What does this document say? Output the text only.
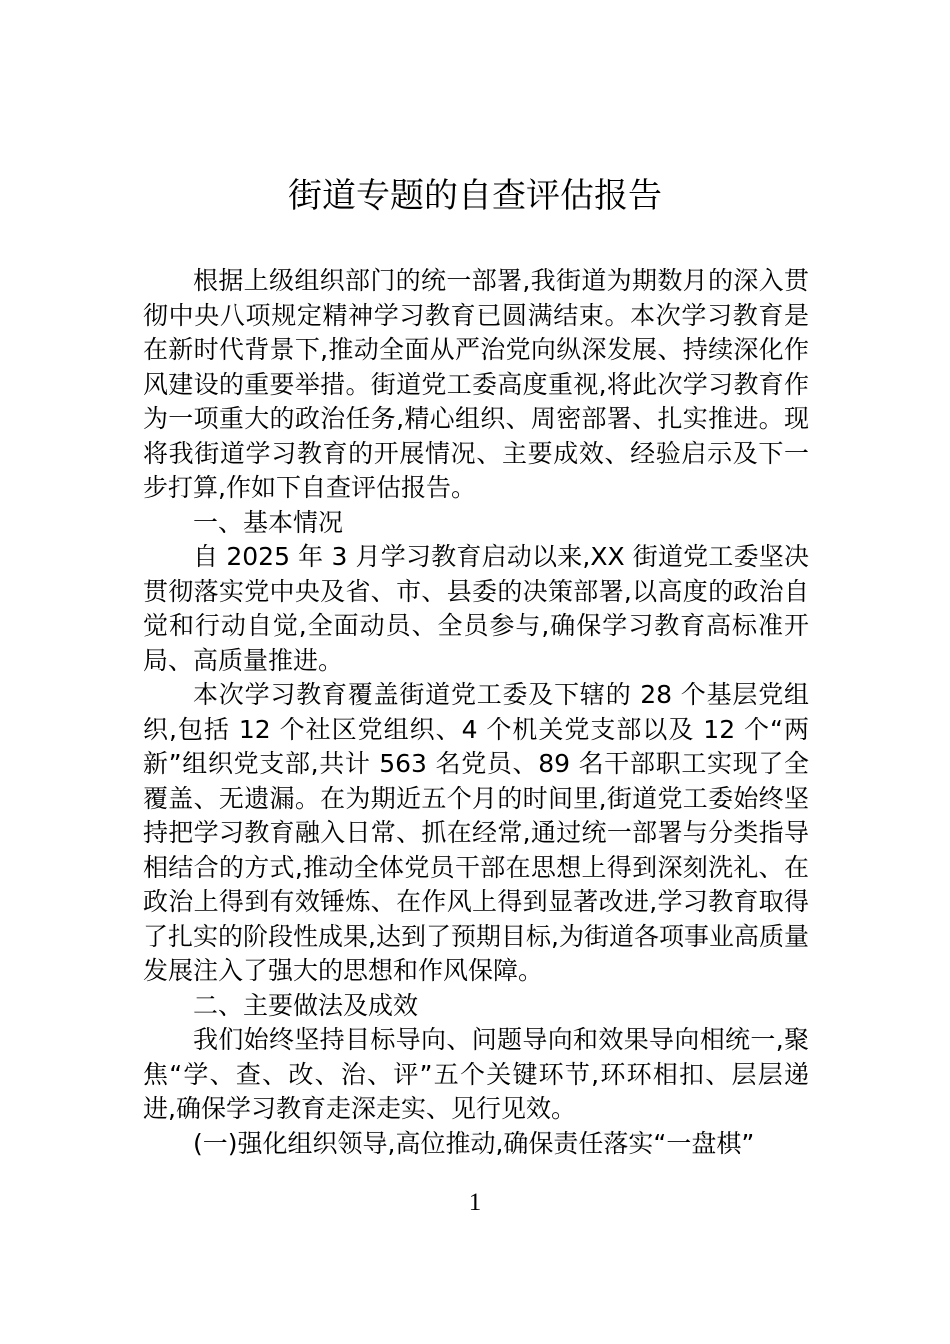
街道专题的自查评估报告

根据上级组织部门的统一部署,我街道为期数月的深入贯彻中央八项规定精神学习教育已圆满结束。本次学习教育是在新时代背景下,推动全面从严治党向纵深发展、持续深化作风建设的重要举措。街道党工委高度重视,将此次学习教育作为一项重大的政治任务,精心组织、周密部署、扎实推进。现将我街道学习教育的开展情况、主要成效、经验启示及下一步打算,作如下自查评估报告。

一、基本情况

自 2025 年 3 月学习教育启动以来,XX 街道党工委坚决贯彻落实党中央及省、市、县委的决策部署,以高度的政治自觉和行动自觉,全面动员、全员参与,确保学习教育高标准开局、高质量推进。

本次学习教育覆盖街道党工委及下辖的 28 个基层党组织,包括 12 个社区党组织、4 个机关党支部以及 12 个“两新”组织党支部,共计 563 名党员、89 名干部职工实现了全覆盖、无遗漏。在为期近五个月的时间里,街道党工委始终坚持把学习教育融入日常、抓在经常,通过统一部署与分类指导相结合的方式,推动全体党员干部在思想上得到深刻洗礼、在政治上得到有效锤炼、在作风上得到显著改进,学习教育取得了扎实的阶段性成果,达到了预期目标,为街道各项事业高质量发展注入了强大的思想和作风保障。

二、主要做法及成效

我们始终坚持目标导向、问题导向和效果导向相统一,聚焦“学、查、改、治、评”五个关键环节,环环相扣、层层递进,确保学习教育走深走实、见行见效。

(一)强化组织领导,高位推动,确保责任落实“一盘棋”

1
